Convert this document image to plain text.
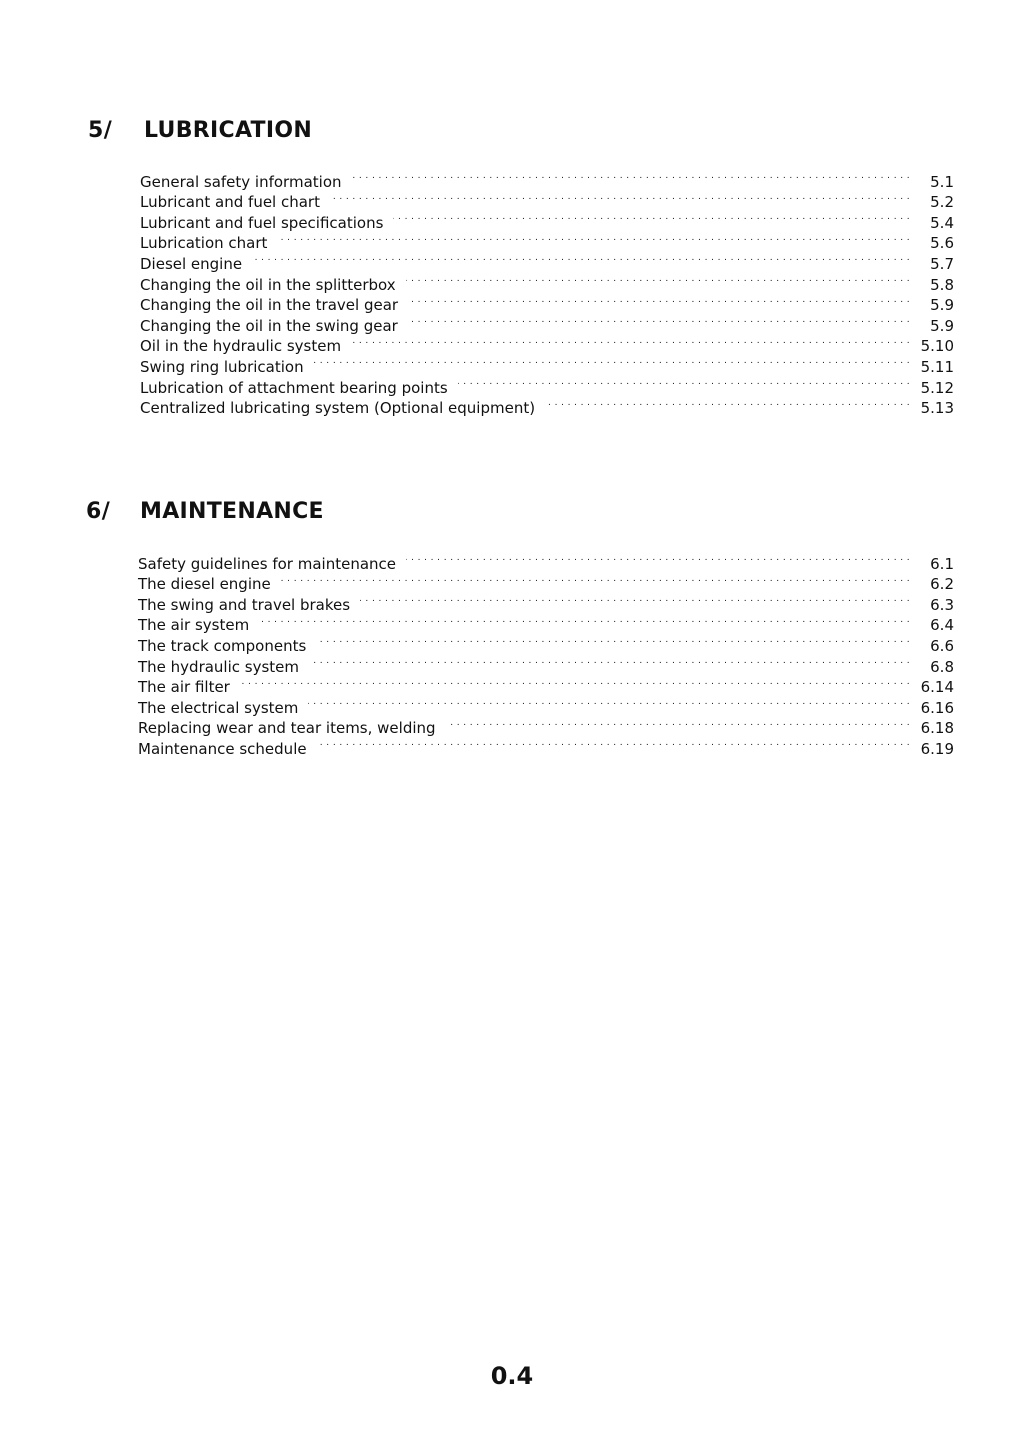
5/ LUBRICATION
General safety information . . .	5.1
Lubricant and fuel chart . . .	5.2
Lubricant and fuel specifications . . .	5.4
Lubrication chart . . .	5.6
Diesel engine . . .	5.7
Changing the oil in the splitterbox . . .	5.8
Changing the oil in the travel gear . . .	5.9
Changing the oil in the swing gear . . .	5.9
Oil in the hydraulic system . . .	5.10
Swing ring lubrication . . .	5.11
Lubrication of attachment bearing points . . .	5.12
Centralized lubricating system (Optional equipment) . . .	5.13
6/ MAINTENANCE
Safety guidelines for maintenance . . .	6.1
The diesel engine . . .	6.2
The swing and travel brakes . . .	6.3
The air system . . .	6.4
The track components . . .	6.6
The hydraulic system . . .	6.8
The air filter . . .	6.14
The electrical system . . .	6.16
Replacing wear and tear items, welding . . .	6.18
Maintenance schedule . . .	6.19
0.4
